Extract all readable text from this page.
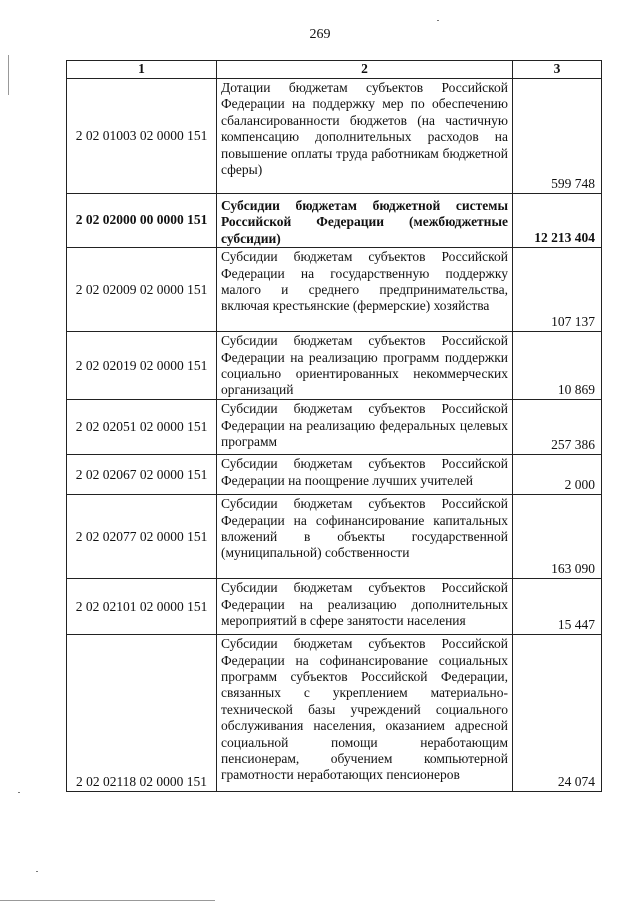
269
1	2	3
2 02 01003 02 0000 151	Дотации бюджетам субъектов Российской Федерации на поддержку мер по обеспечению сбалансированности бюджетов (на частичную компенсацию дополнительных расходов на повышение оплаты труда работникам бюджетной сферы)	599 748
2 02 02000 00 0000 151	Субсидии бюджетам бюджетной системы Российской Федерации (межбюджетные субсидии)	12 213 404
2 02 02009 02 0000 151	Субсидии бюджетам субъектов Российской Федерации на государственную поддержку малого и среднего предпринимательства, включая крестьянские (фермерские) хозяйства	107 137
2 02 02019 02 0000 151	Субсидии бюджетам субъектов Российской Федерации на реализацию программ поддержки социально ориентированных некоммерческих организаций	10 869
2 02 02051 02 0000 151	Субсидии бюджетам субъектов Российской Федерации на реализацию федеральных целевых программ	257 386
2 02 02067 02 0000 151	Субсидии бюджетам субъектов Российской Федерации на поощрение лучших учителей	2 000
2 02 02077 02 0000 151	Субсидии бюджетам субъектов Российской Федерации на софинансирование капитальных вложений в объекты государственной (муниципальной) собственности	163 090
2 02 02101 02 0000 151	Субсидии бюджетам субъектов Российской Федерации на реализацию дополнительных мероприятий в сфере занятости населения	15 447
2 02 02118 02 0000 151	Субсидии бюджетам субъектов Российской Федерации на софинансирование социальных программ субъектов Российской Федерации, связанных с укреплением материально-технической базы учреждений социального обслуживания населения, оказанием адресной социальной помощи неработающим пенсионерам, обучением компьютерной грамотности неработающих пенсионеров	24 074
